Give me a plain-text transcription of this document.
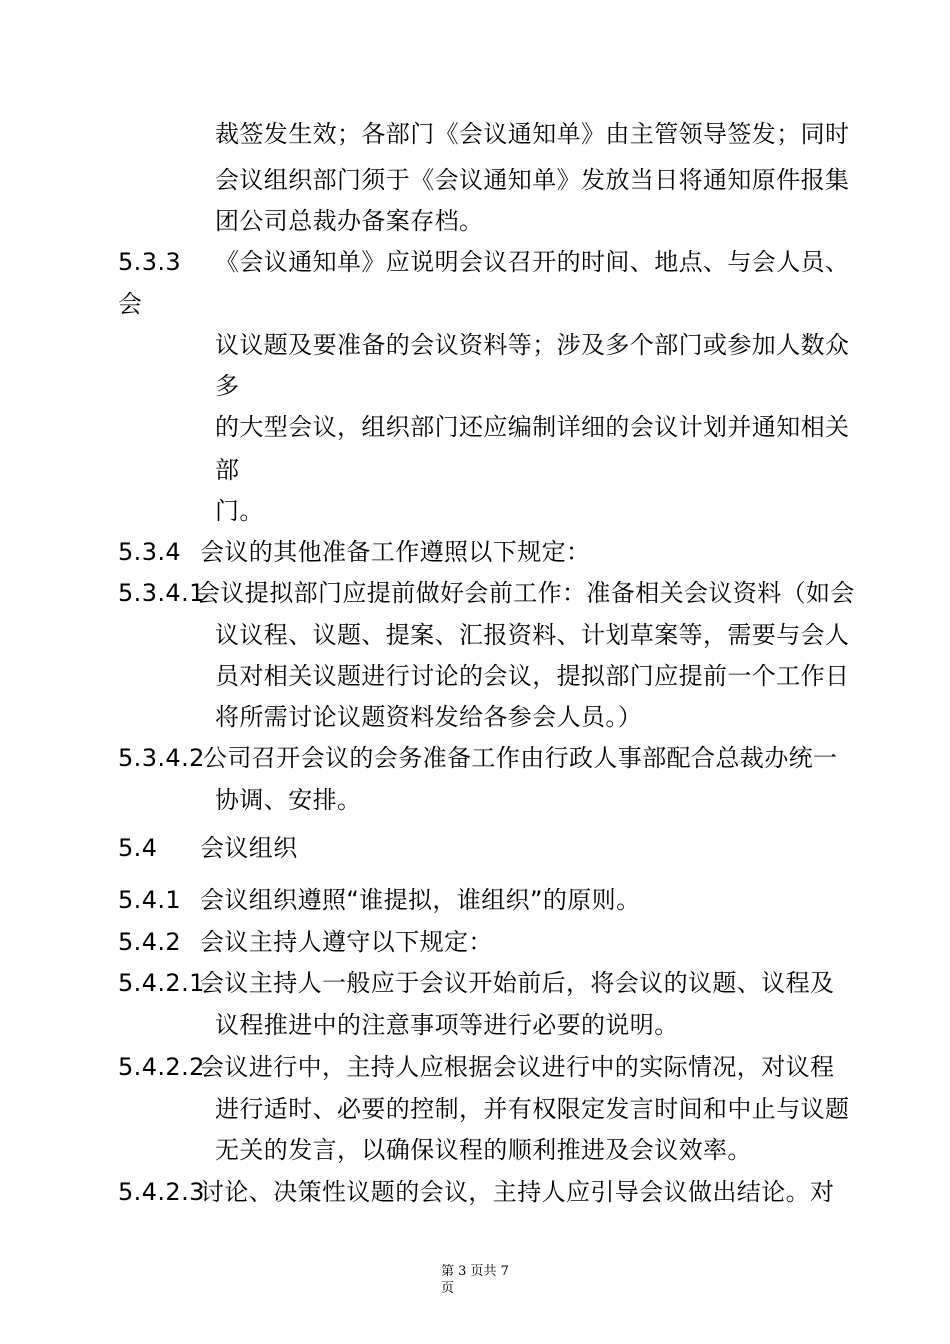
裁签发生效；各部门《会议通知单》由主管领导签发；同时
会议组织部门须于《会议通知单》发放当日将通知原件报集
团公司总裁办备案存档。
5.3.3 《会议通知单》应说明会议召开的时间、地点、与会人员、
会
议议题及要准备的会议资料等；涉及多个部门或参加人数众
多
的大型会议，组织部门还应编制详细的会议计划并通知相关
部
门。
5.3.4 会议的其他准备工作遵照以下规定：
5.3.4.1
会议提拟部门应提前做好会前工作：准备相关会议资料（如会
议议程、议题、提案、汇报资料、计划草案等，需要与会人
员对相关议题进行讨论的会议，提拟部门应提前一个工作日
将所需讨论议题资料发给各参会人员。）
5.3.4.2
公司召开会议的会务准备工作由行政人事部配合总裁办统一
协调、安排。
5.4 会议组织
5.4.1 会议组织遵照“谁提拟，谁组织”的原则。
5.4.2 会议主持人遵守以下规定：
5.4.2.1
会议主持人一般应于会议开始前后，将会议的议题、议程及
议程推进中的注意事项等进行必要的说明。
5.4.2.2
会议进行中，主持人应根据会议进行中的实际情况，对议程
进行适时、必要的控制，并有权限定发言时间和中止与议题
无关的发言，以确保议程的顺利推进及会议效率。
5.4.2.3
讨论、决策性议题的会议，主持人应引导会议做出结论。对
第 3 页共 7
页
